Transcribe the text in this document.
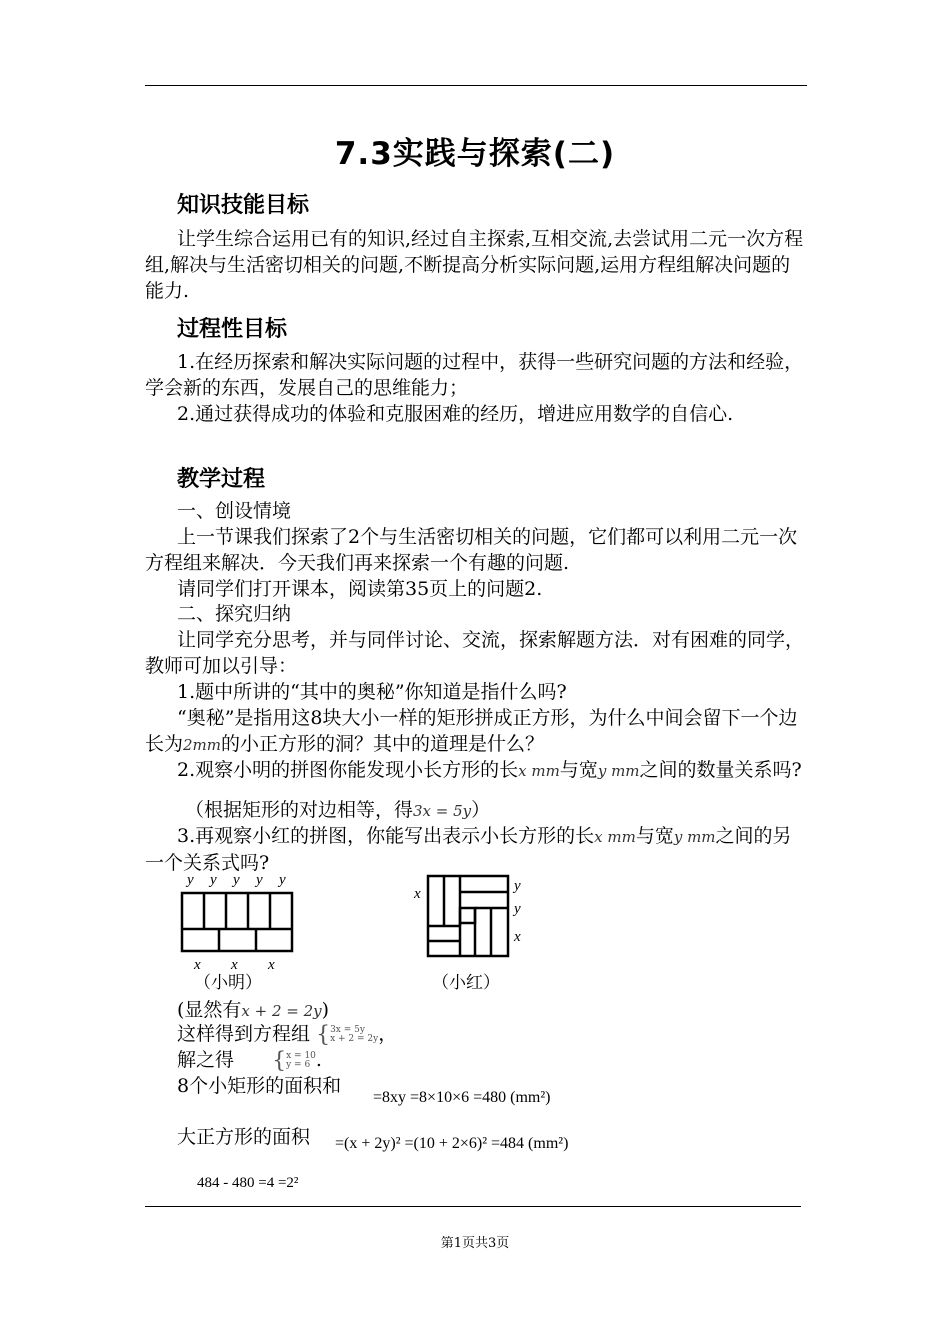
7.3实践与探索(二)
知识技能目标

让学生综合运用已有的知识,经过自主探索,互相交流,去尝试用二元一次方程组,解决与生活密切相关的问题,不断提高分析实际问题,运用方程组解决问题的能力.

过程性目标

1.在经历探索和解决实际问题的过程中，获得一些研究问题的方法和经验，学会新的东西，发展自己的思维能力；

2.通过获得成功的体验和克服困难的经历，增进应用数学的自信心.

教学过程
一、创设情境

上一节课我们探索了2个与生活密切相关的问题，它们都可以利用二元一次方程组来解决．今天我们再来探索一个有趣的问题.

请同学们打开课本，阅读第35页上的问题2.
二、探究归纳

让同学充分思考，并与同伴讨论、交流，探索解题方法．对有困难的同学，教师可加以引导：

1.题中所讲的“其中的奥秘”你知道是指什么吗?

“奥秘”是指用这8块大小一样的矩形拼成正方形，为什么中间会留下一个边长为2mm的小正方形的洞？其中的道理是什么？

2.观察小明的拼图你能发现小长方形的长x mm与宽y mm之间的数量关系吗?

（根据矩形的对边相等，得3x = 5y）

3.再观察小红的拼图，你能写出表示小长方形的长x mm与宽y mm之间的另一个关系式吗?

y y y y y
x x x
（小明）
x	y
y
x
（小红）
(显然有x + 2 = 2y)
这样得到方程组 { 3x = 5y
x + 2 = 2y ，
解之得 { x = 10
y = 6 .
8个小矩形的面积和
=8xy =8×10×6 =480 (mm²)
大正方形的面积 =(x + 2y)² =(10 + 2×6)² =484 (mm²)
484 - 480 =4 =2²
第1页共3页
